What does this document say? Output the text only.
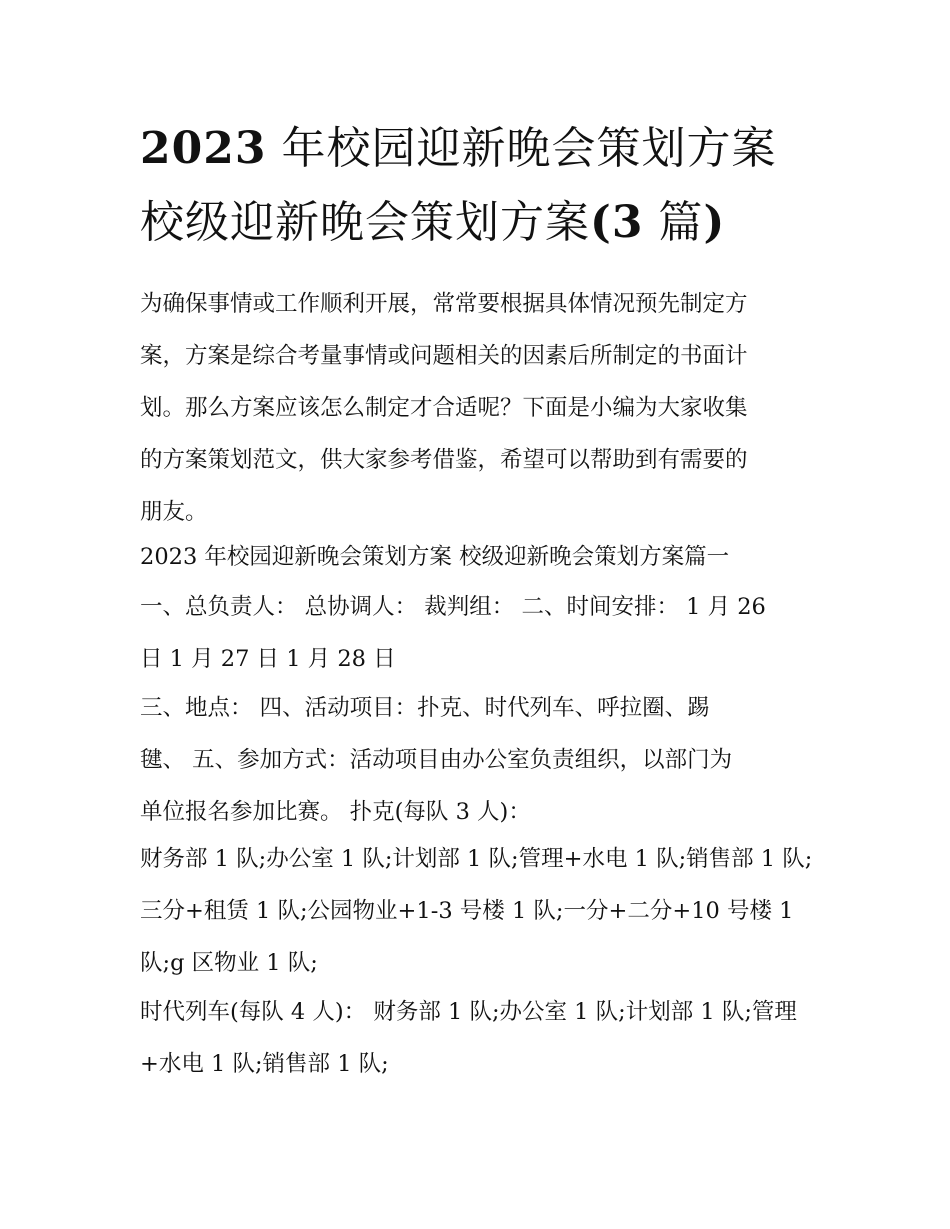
2023 年校园迎新晚会策划方案
校级迎新晚会策划方案(3 篇)

为确保事情或工作顺利开展，常常要根据具体情况预先制定方
案，方案是综合考量事情或问题相关的因素后所制定的书面计
划。那么方案应该怎么制定才合适呢？下面是小编为大家收集
的方案策划范文，供大家参考借鉴，希望可以帮助到有需要的
朋友。

2023 年校园迎新晚会策划方案 校级迎新晚会策划方案篇一

一、总负责人： 总协调人： 裁判组： 二、时间安排： 1 月 26
日 1 月 27 日 1 月 28 日

三、地点： 四、活动项目：扑克、时代列车、呼拉圈、踢
毽、 五、参加方式：活动项目由办公室负责组织，以部门为
单位报名参加比赛。 扑克(每队 3 人)：

财务部 1 队;办公室 1 队;计划部 1 队;管理+水电 1 队;销售部 1 队;
三分+租赁 1 队;公园物业+1-3 号楼 1 队;一分+二分+10 号楼 1
队;g 区物业 1 队;

时代列车(每队 4 人)： 财务部 1 队;办公室 1 队;计划部 1 队;管理
+水电 1 队;销售部 1 队;
